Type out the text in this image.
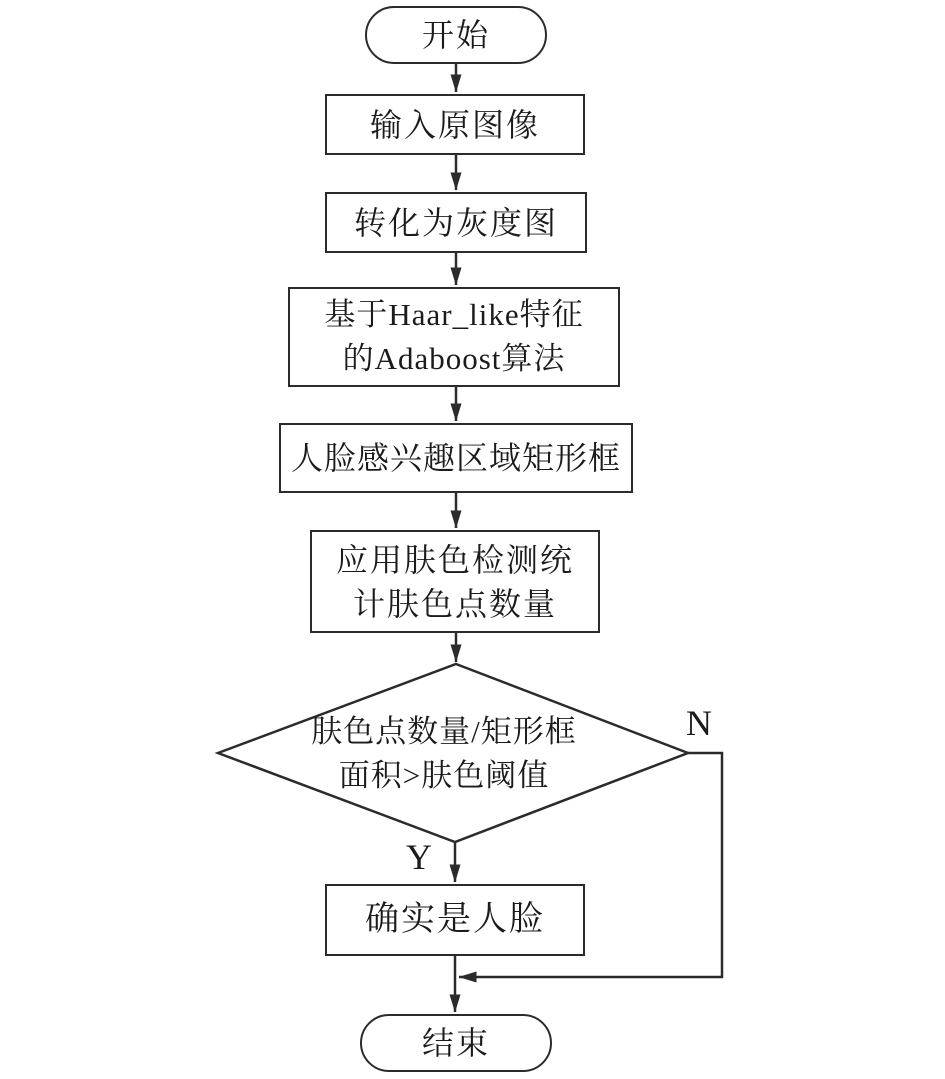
开始
输入原图像
转化为灰度图
基于Haar_like特征
的Adaboost算法
人脸感兴趣区域矩形框
应用肤色检测统
计肤色点数量
肤色点数量/矩形框
面积>肤色阈值
N
Y
确实是人脸
结束
